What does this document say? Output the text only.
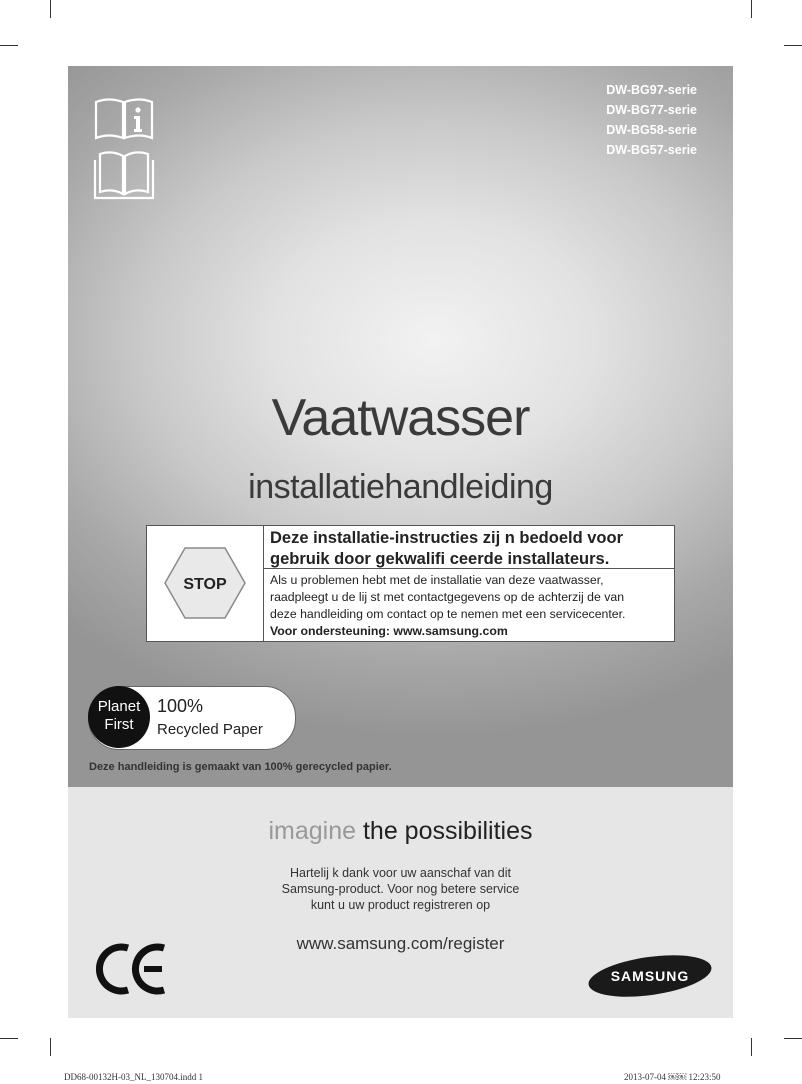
DW-BG97-serie
DW-BG77-serie
DW-BG58-serie
DW-BG57-serie
Vaatwasser
installatiehandleiding
STOP
Deze installatie-instructies zij n bedoeld voor
gebruik door gekwalifi ceerde installateurs.
Als u problemen hebt met de installatie van deze vaatwasser,
raadpleegt u de lij st met contactgegevens op de achterzij de van
deze handleiding om contact op te nemen met een servicecenter.
Voor ondersteuning: www.samsung.com
Planet
First
100%
Recycled Paper
Deze handleiding is gemaakt van 100% gerecycled papier.
imagine the possibilities
Hartelij k dank voor uw aanschaf van dit
Samsung-product. Voor nog betere service
kunt u uw product registreren op
www.samsung.com/register
SAMSUNG
DD68-00132H-03_NL_130704.indd 1	2013-07-04 ￼￼ 12:23:50
